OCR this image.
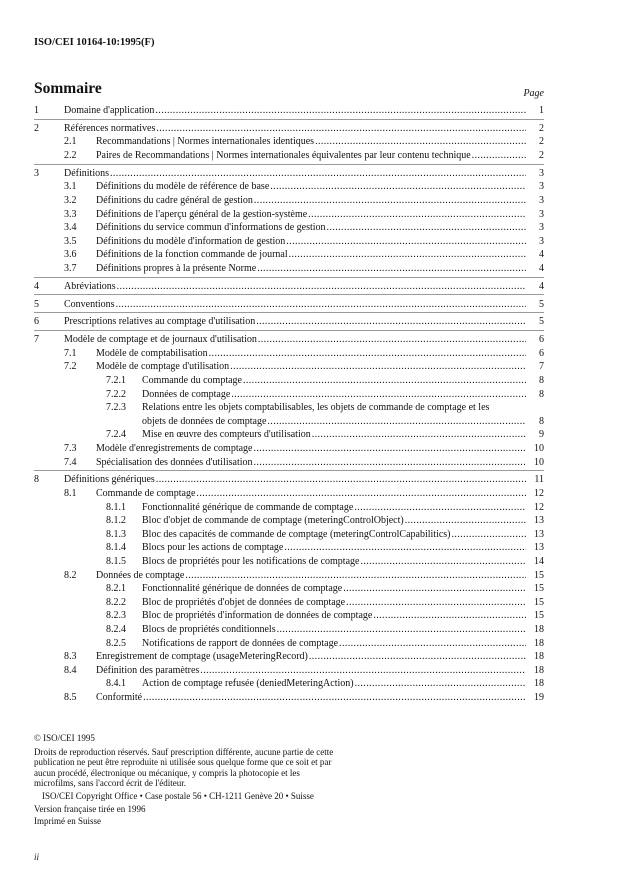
ISO/CEI 10164-10:1995(F)
Sommaire	Page
1	Domaine d'application .....	1
2	Références normatives .....	2
2.1 Recommandations | Normes internationales identiques .....	2
2.2 Paires de Recommandations | Normes internationales équivalentes par leur contenu technique .....	2
3	Définitions .....	3
3.1 Définitions du modèle de référence de base .....	3
3.2 Définitions du cadre général de gestion .....	3
3.3 Définitions de l'aperçu général de la gestion-système .....	3
3.4 Définitions du service commun d'informations de gestion .....	3
3.5 Définitions du modèle d'information de gestion .....	3
3.6 Définitions de la fonction commande de journal .....	4
3.7 Définitions propres à la présente Norme .....	4
4	Abréviations .....	4
5	Conventions .....	5
6	Prescriptions relatives au comptage d'utilisation .....	5
7	Modèle de comptage et de journaux d'utilisation .....	6
7.1 Modèle de comptabilisation .....	6
7.2 Modèle de comptage d'utilisation .....	7
7.2.1 Commande du comptage .....	8
7.2.2 Données de comptage .....	8
7.2.3 Relations entre les objets comptabilisables, les objets de commande de comptage et les
objets de données de comptage .....	8
7.2.4 Mise en œuvre des compteurs d'utilisation .....	9
7.3 Modèle d'enregistrements de comptage .....	10
7.4 Spécialisation des données d'utilisation .....	10
8	Définitions génériques .....	11
8.1 Commande de comptage .....	12
8.1.1 Fonctionnalité générique de commande de comptage .....	12
8.1.2 Bloc d'objet de commande de comptage (meteringControlObject) .....	13
8.1.3 Bloc des capacités de commande de comptage (meteringControlCapabilitics) .....	13
8.1.4 Blocs pour les actions de comptage .....	13
8.1.5 Blocs de propriétés pour les notifications de comptage .....	14
8.2 Données de comptage .....	15
8.2.1 Fonctionnalité générique de données de comptage .....	15
8.2.2 Bloc de propriétés d'objet de données de comptage .....	15
8.2.3 Bloc de propriétés d'information de données de comptage .....	15
8.2.4 Blocs de propriétés conditionnels .....	18
8.2.5 Notifications de rapport de données de comptage .....	18
8.3 Enregistrement de comptage (usageMeteringRecord) .....	18
8.4 Définition des paramètres .....	18
8.4.1 Action de comptage refusée (deniedMeteringAction) .....	18
8.5 Conformité .....	19

© ISO/CEI 1995

Droits de reproduction réservés. Sauf prescription différente, aucune partie de cette

publication ne peut être reproduite ni utilisée sous quelque forme que ce soit et par

aucun procédé, électronique ou mécanique, y compris la photocopie et les

microfilms, sans l'accord écrit de l'éditeur.

ISO/CEI Copyright Office • Case postale 56 • CH-1211 Genève 20 • Suisse

Version française tirée en 1996

Imprimé en Suisse

ii
